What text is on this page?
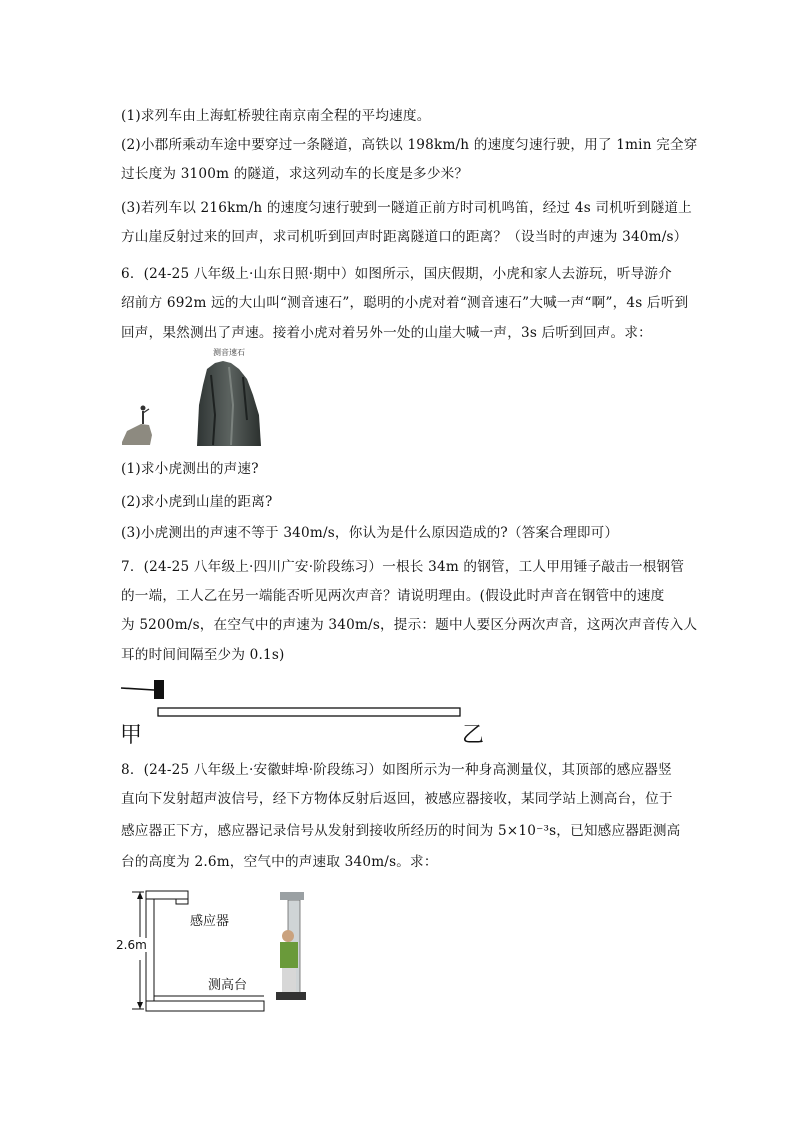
(1)求列车由上海虹桥驶往南京南全程的平均速度。
(2)小郡所乘动车途中要穿过一条隧道，高铁以 198km/h 的速度匀速行驶，用了 1min 完全穿
过长度为 3100m 的隧道，求这列动车的长度是多少米？
(3)若列车以 216km/h 的速度匀速行驶到一隧道正前方时司机鸣笛，经过 4s 司机听到隧道上
方山崖反射过来的回声，求司机听到回声时距离隧道口的距离？（设当时的声速为 340m/s）
6．(24-25 八年级上·山东日照·期中）如图所示，国庆假期，小虎和家人去游玩，听导游介
绍前方 692m 远的大山叫“测音速石”，聪明的小虎对着“测音速石”大喊一声“啊”，4s 后听到
回声，果然测出了声速。接着小虎对着另外一处的山崖大喊一声，3s 后听到回声。求：
测音速石
(1)求小虎测出的声速?
(2)求小虎到山崖的距离?
(3)小虎测出的声速不等于 340m/s，你认为是什么原因造成的?（答案合理即可）
7．(24-25 八年级上·四川广安·阶段练习）一根长 34m 的钢管，工人甲用锤子敲击一根钢管
的一端，工人乙在另一端能否听见两次声音？请说明理由。(假设此时声音在钢管中的速度
为 5200m/s，在空气中的声速为 340m/s，提示：题中人要区分两次声音，这两次声音传入人
耳的时间间隔至少为 0.1s)
甲	乙
8．(24-25 八年级上·安徽蚌埠·阶段练习）如图所示为一种身高测量仪，其顶部的感应器竖
直向下发射超声波信号，经下方物体反射后返回，被感应器接收，某同学站上测高台，位于
感应器正下方，感应器记录信号从发射到接收所经历的时间为 5×10⁻³s，已知感应器距测高
台的高度为 2.6m，空气中的声速取 340m/s。求：
2.6m
感应器
测高台
